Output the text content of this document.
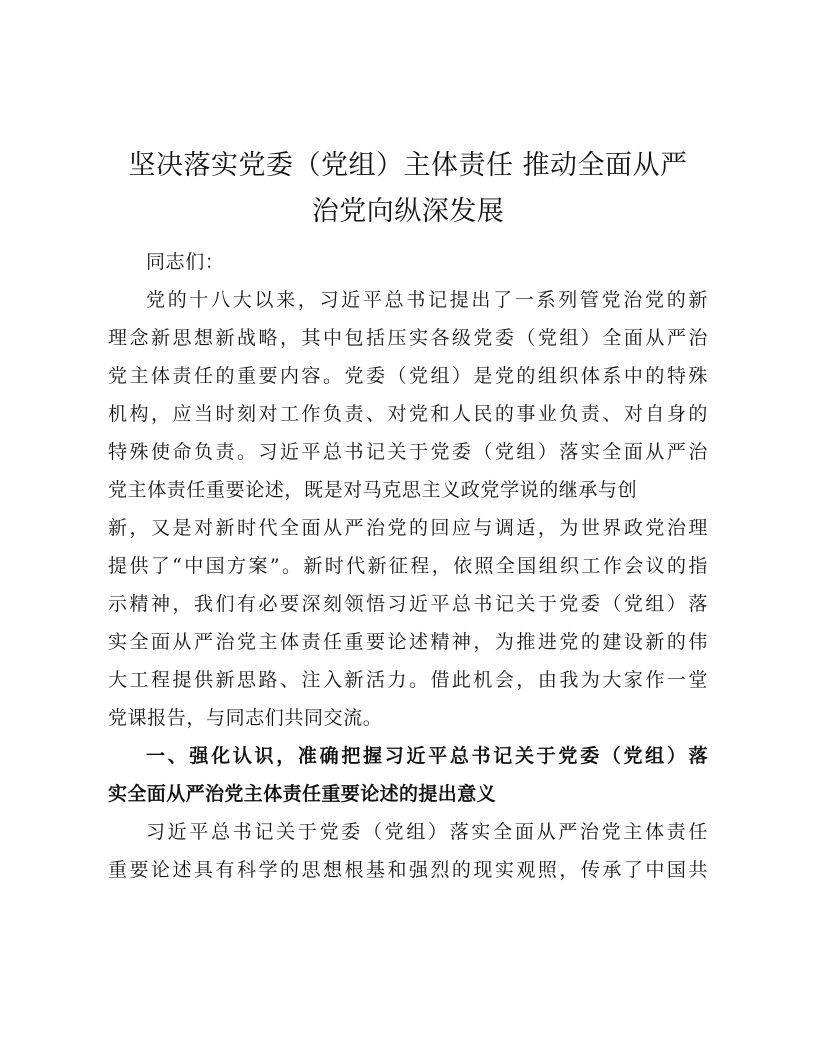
坚决落实党委（党组）主体责任 推动全面从严
治党向纵深发展
同志们：
党的十八大以来，习近平总书记提出了一系列管党治党的新
理念新思想新战略，其中包括压实各级党委（党组）全面从严治
党主体责任的重要内容。党委（党组）是党的组织体系中的特殊
机构，应当时刻对工作负责、对党和人民的事业负责、对自身的
特殊使命负责。习近平总书记关于党委（党组）落实全面从严治
党主体责任重要论述，既是对马克思主义政党学说的继承与创
新，又是对新时代全面从严治党的回应与调适，为世界政党治理
提供了“中国方案”。新时代新征程，依照全国组织工作会议的指
示精神，我们有必要深刻领悟习近平总书记关于党委（党组）落
实全面从严治党主体责任重要论述精神，为推进党的建设新的伟
大工程提供新思路、注入新活力。借此机会，由我为大家作一堂
党课报告，与同志们共同交流。
一、强化认识，准确把握习近平总书记关于党委（党组）落
实全面从严治党主体责任重要论述的提出意义
习近平总书记关于党委（党组）落实全面从严治党主体责任
重要论述具有科学的思想根基和强烈的现实观照，传承了中国共
